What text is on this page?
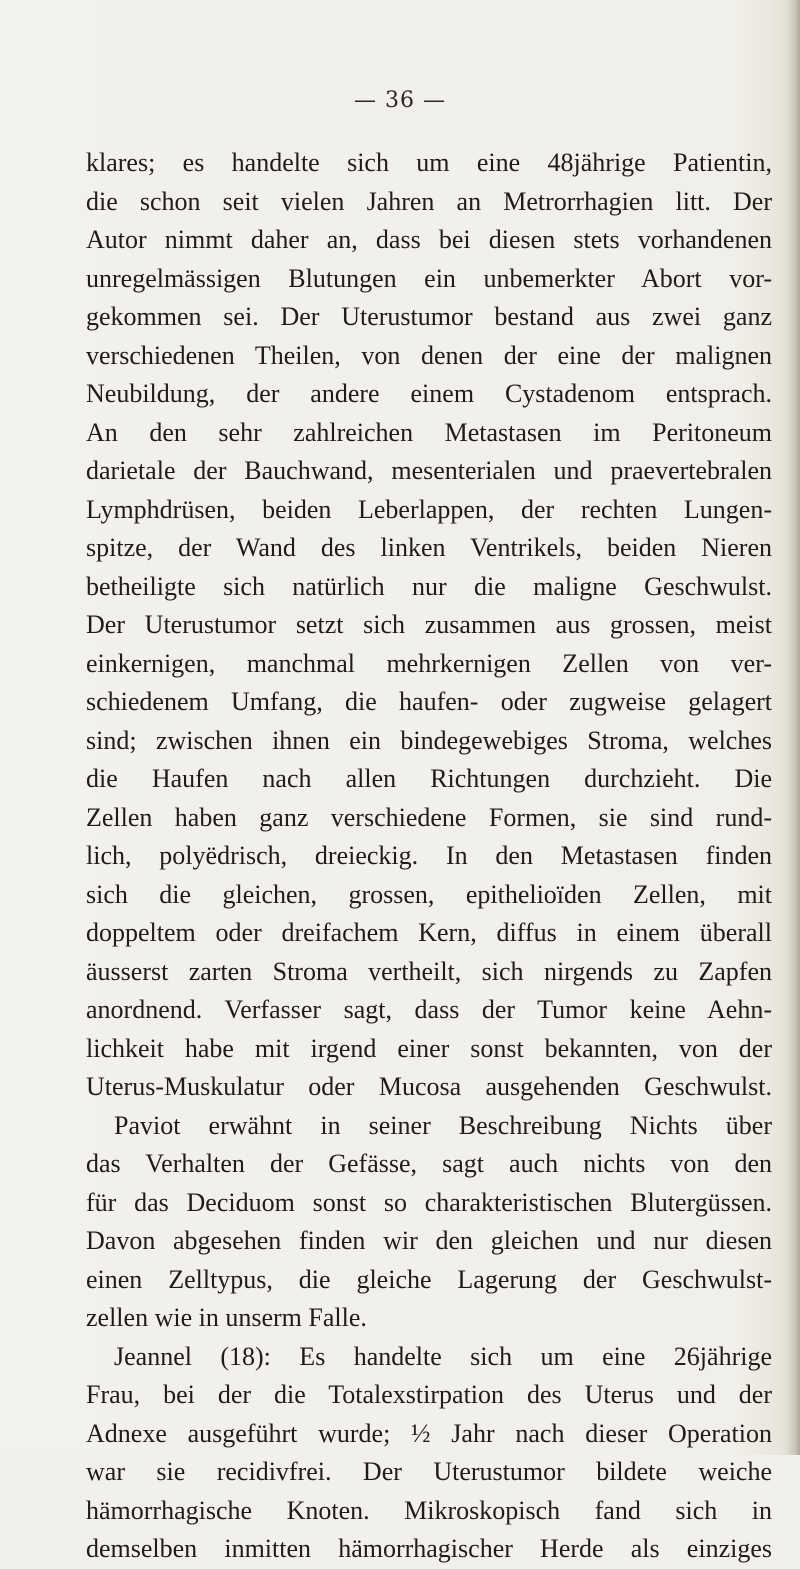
— 36 —
klares; es handelte sich um eine 48jährige Patientin,
die schon seit vielen Jahren an Metrorrhagien litt. Der
Autor nimmt daher an, dass bei diesen stets vorhandenen
unregelmässigen Blutungen ein unbemerkter Abort vor-
gekommen sei. Der Uterustumor bestand aus zwei ganz
verschiedenen Theilen, von denen der eine der malignen
Neubildung, der andere einem Cystadenom entsprach.
An den sehr zahlreichen Metastasen im Peritoneum
darietale der Bauchwand, mesenterialen und praevertebralen
Lymphdrüsen, beiden Leberlappen, der rechten Lungen-
spitze, der Wand des linken Ventrikels, beiden Nieren
betheiligte sich natürlich nur die maligne Geschwulst.
Der Uterustumor setzt sich zusammen aus grossen, meist
einkernigen, manchmal mehrkernigen Zellen von ver-
schiedenem Umfang, die haufen- oder zugweise gelagert
sind; zwischen ihnen ein bindegewebiges Stroma, welches
die Haufen nach allen Richtungen durchzieht. Die
Zellen haben ganz verschiedene Formen, sie sind rund-
lich, polyëdrisch, dreieckig. In den Metastasen finden
sich die gleichen, grossen, epithelioïden Zellen, mit
doppeltem oder dreifachem Kern, diffus in einem überall
äusserst zarten Stroma vertheilt, sich nirgends zu Zapfen
anordnend. Verfasser sagt, dass der Tumor keine Aehn-
lichkeit habe mit irgend einer sonst bekannten, von der
Uterus-Muskulatur oder Mucosa ausgehenden Geschwulst.
Paviot erwähnt in seiner Beschreibung Nichts über
das Verhalten der Gefässe, sagt auch nichts von den
für das Deciduom sonst so charakteristischen Blutergüssen.
Davon abgesehen finden wir den gleichen und nur diesen
einen Zelltypus, die gleiche Lagerung der Geschwulst-
zellen wie in unserm Falle.
Jeannel (18): Es handelte sich um eine 26jährige
Frau, bei der die Totalexstirpation des Uterus und der
Adnexe ausgeführt wurde; ½ Jahr nach dieser Operation
war sie recidivfrei. Der Uterustumor bildete weiche
hämorrhagische Knoten. Mikroskopisch fand sich in
demselben inmitten hämorrhagischer Herde als einziges
